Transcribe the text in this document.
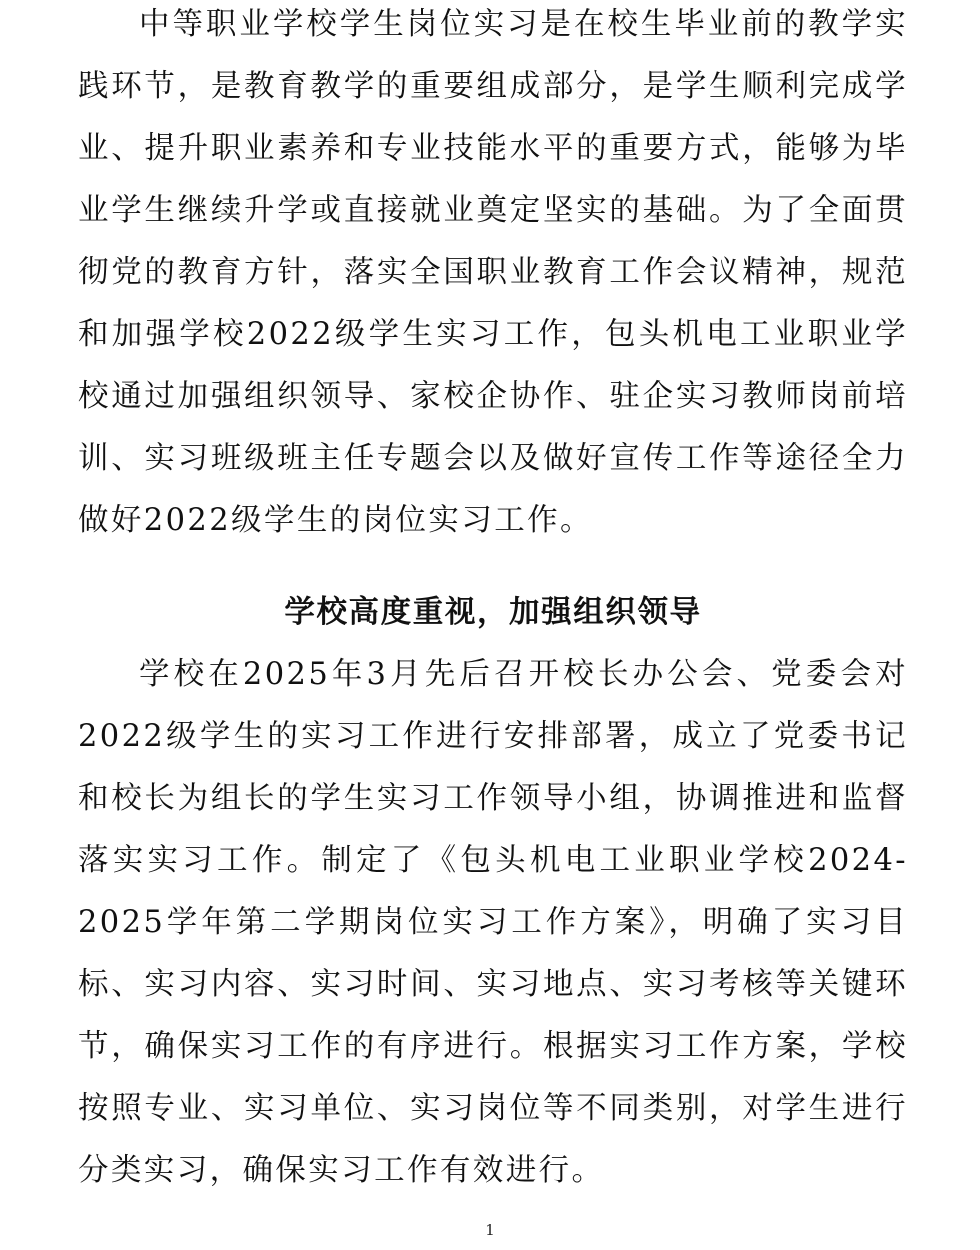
中等职业学校学生岗位实习是在校生毕业前的教学实践环节，是教育教学的重要组成部分，是学生顺利完成学业、提升职业素养和专业技能水平的重要方式，能够为毕业学生继续升学或直接就业奠定坚实的基础。为了全面贯彻党的教育方针，落实全国职业教育工作会议精神，规范和加强学校2022级学生实习工作，包头机电工业职业学校通过加强组织领导、家校企协作、驻企实习教师岗前培训、实习班级班主任专题会以及做好宣传工作等途径全力做好2022级学生的岗位实习工作。

学校高度重视，加强组织领导

学校在2025年3月先后召开校长办公会、党委会对2022级学生的实习工作进行安排部署，成立了党委书记和校长为组长的学生实习工作领导小组，协调推进和监督落实实习工作。制定了《包头机电工业职业学校2024-2025学年第二学期岗位实习工作方案》，明确了实习目标、实习内容、实习时间、实习地点、实习考核等关键环节，确保实习工作的有序进行。根据实习工作方案，学校按照专业、实习单位、实习岗位等不同类别，对学生进行分类实习，确保实习工作有效进行。

1
